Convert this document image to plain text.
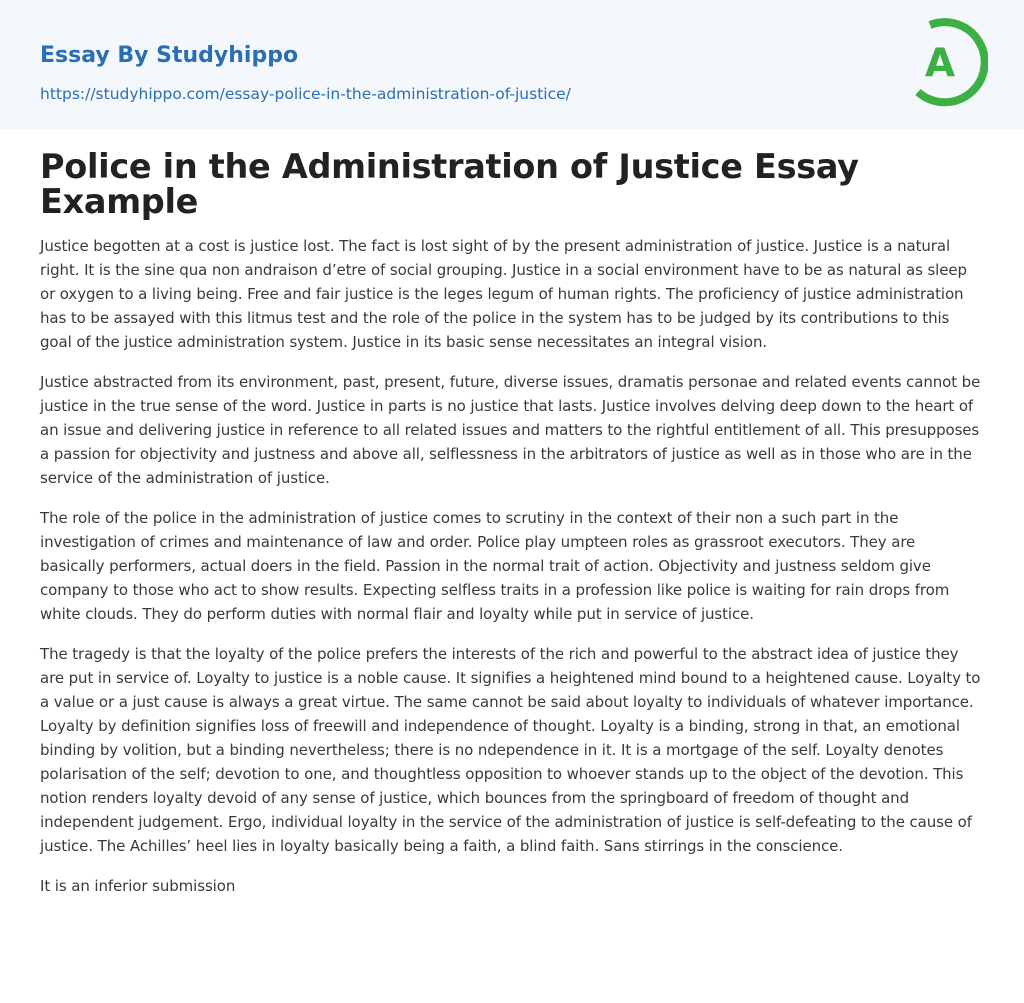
Essay By Studyhippo
https://studyhippo.com/essay-police-in-the-administration-of-justice/
A
Police in the Administration of Justice Essay Example

Justice begotten at a cost is justice lost. The fact is lost sight of by the present administration of justice. Justice is a natural right. It is the sine qua non andraison d’etre of social grouping. Justice in a social environment have to be as natural as sleep or oxygen to a living being. Free and fair justice is the leges legum of human rights. The proficiency of justice administration has to be assayed with this litmus test and the role of the police in the system has to be judged by its contributions to this goal of the justice administration system. Justice in its basic sense necessitates an integral vision.

Justice abstracted from its environment, past, present, future, diverse issues, dramatis personae and related events cannot be justice in the true sense of the word. Justice in parts is no justice that lasts. Justice involves delving deep down to the heart of an issue and delivering justice in reference to all related issues and matters to the rightful entitlement of all. This presupposes a passion for objectivity and justness and above all, selflessness in the arbitrators of justice as well as in those who are in the service of the administration of justice.

The role of the police in the administration of justice comes to scrutiny in the context of their non a such part in the investigation of crimes and maintenance of law and order. Police play umpteen roles as grassroot executors. They are basically performers, actual doers in the field. Passion in the normal trait of action. Objectivity and justness seldom give company to those who act to show results. Expecting selfless traits in a profession like police is waiting for rain drops from white clouds. They do perform duties with normal flair and loyalty while put in service of justice.

The tragedy is that the loyalty of the police prefers the interests of the rich and powerful to the abstract idea of justice they are put in service of. Loyalty to justice is a noble cause. It signifies a heightened mind bound to a heightened cause. Loyalty to a value or a just cause is always a great virtue. The same cannot be said about loyalty to individuals of whatever importance. Loyalty by definition signifies loss of freewill and independence of thought. Loyalty is a binding, strong in that, an emotional binding by volition, but a binding nevertheless; there is no ndependence in it. It is a mortgage of the self. Loyalty denotes polarisation of the self; devotion to one, and thoughtless opposition to whoever stands up to the object of the devotion. This notion renders loyalty devoid of any sense of justice, which bounces from the springboard of freedom of thought and independent judgement. Ergo, individual loyalty in the service of the administration of justice is self-defeating to the cause of justice. The Achilles’ heel lies in loyalty basically being a faith, a blind faith. Sans stirrings in the conscience.

It is an inferior submission
